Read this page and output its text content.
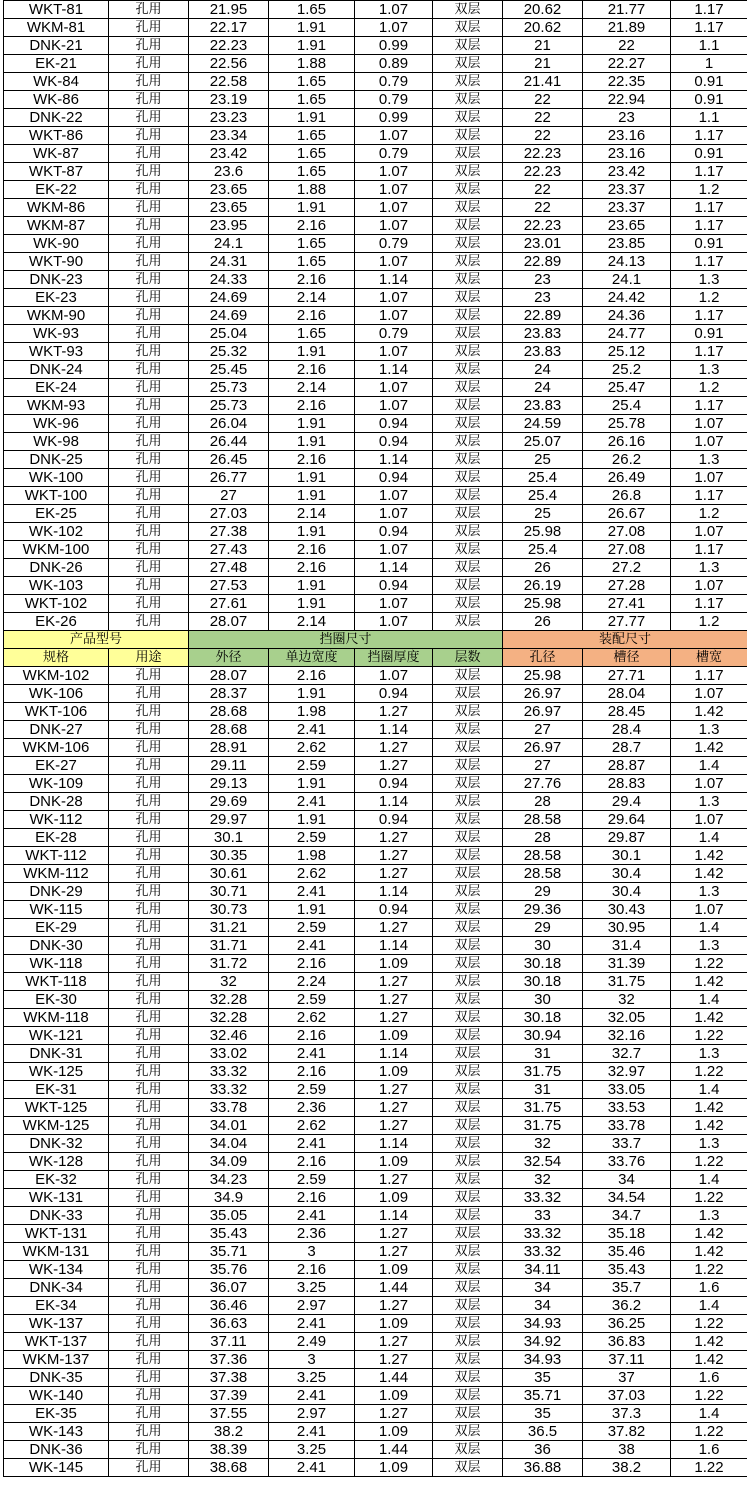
WKT-81	孔用	21.95	1.65	1.07	双层	20.62	21.77	1.17
WKM-81	孔用	22.17	1.91	1.07	双层	20.62	21.89	1.17
DNK-21	孔用	22.23	1.91	0.99	双层	21	22	1.1
EK-21	孔用	22.56	1.88	0.89	双层	21	22.27	1
WK-84	孔用	22.58	1.65	0.79	双层	21.41	22.35	0.91
WK-86	孔用	23.19	1.65	0.79	双层	22	22.94	0.91
DNK-22	孔用	23.23	1.91	0.99	双层	22	23	1.1
WKT-86	孔用	23.34	1.65	1.07	双层	22	23.16	1.17
WK-87	孔用	23.42	1.65	0.79	双层	22.23	23.16	0.91
WKT-87	孔用	23.6	1.65	1.07	双层	22.23	23.42	1.17
EK-22	孔用	23.65	1.88	1.07	双层	22	23.37	1.2
WKM-86	孔用	23.65	1.91	1.07	双层	22	23.37	1.17
WKM-87	孔用	23.95	2.16	1.07	双层	22.23	23.65	1.17
WK-90	孔用	24.1	1.65	0.79	双层	23.01	23.85	0.91
WKT-90	孔用	24.31	1.65	1.07	双层	22.89	24.13	1.17
DNK-23	孔用	24.33	2.16	1.14	双层	23	24.1	1.3
EK-23	孔用	24.69	2.14	1.07	双层	23	24.42	1.2
WKM-90	孔用	24.69	2.16	1.07	双层	22.89	24.36	1.17
WK-93	孔用	25.04	1.65	0.79	双层	23.83	24.77	0.91
WKT-93	孔用	25.32	1.91	1.07	双层	23.83	25.12	1.17
DNK-24	孔用	25.45	2.16	1.14	双层	24	25.2	1.3
EK-24	孔用	25.73	2.14	1.07	双层	24	25.47	1.2
WKM-93	孔用	25.73	2.16	1.07	双层	23.83	25.4	1.17
WK-96	孔用	26.04	1.91	0.94	双层	24.59	25.78	1.07
WK-98	孔用	26.44	1.91	0.94	双层	25.07	26.16	1.07
DNK-25	孔用	26.45	2.16	1.14	双层	25	26.2	1.3
WK-100	孔用	26.77	1.91	0.94	双层	25.4	26.49	1.07
WKT-100	孔用	27	1.91	1.07	双层	25.4	26.8	1.17
EK-25	孔用	27.03	2.14	1.07	双层	25	26.67	1.2
WK-102	孔用	27.38	1.91	0.94	双层	25.98	27.08	1.07
WKM-100	孔用	27.43	2.16	1.07	双层	25.4	27.08	1.17
DNK-26	孔用	27.48	2.16	1.14	双层	26	27.2	1.3
WK-103	孔用	27.53	1.91	0.94	双层	26.19	27.28	1.07
WKT-102	孔用	27.61	1.91	1.07	双层	25.98	27.41	1.17
EK-26	孔用	28.07	2.14	1.07	双层	26	27.77	1.2
产品型号		挡圈尺寸				装配尺寸		
规格	用途	外径	单边宽度	挡圈厚度	层数	孔径	槽径	槽宽
WKM-102	孔用	28.07	2.16	1.07	双层	25.98	27.71	1.17
WK-106	孔用	28.37	1.91	0.94	双层	26.97	28.04	1.07
WKT-106	孔用	28.68	1.98	1.27	双层	26.97	28.45	1.42
DNK-27	孔用	28.68	2.41	1.14	双层	27	28.4	1.3
WKM-106	孔用	28.91	2.62	1.27	双层	26.97	28.7	1.42
EK-27	孔用	29.11	2.59	1.27	双层	27	28.87	1.4
WK-109	孔用	29.13	1.91	0.94	双层	27.76	28.83	1.07
DNK-28	孔用	29.69	2.41	1.14	双层	28	29.4	1.3
WK-112	孔用	29.97	1.91	0.94	双层	28.58	29.64	1.07
EK-28	孔用	30.1	2.59	1.27	双层	28	29.87	1.4
WKT-112	孔用	30.35	1.98	1.27	双层	28.58	30.1	1.42
WKM-112	孔用	30.61	2.62	1.27	双层	28.58	30.4	1.42
DNK-29	孔用	30.71	2.41	1.14	双层	29	30.4	1.3
WK-115	孔用	30.73	1.91	0.94	双层	29.36	30.43	1.07
EK-29	孔用	31.21	2.59	1.27	双层	29	30.95	1.4
DNK-30	孔用	31.71	2.41	1.14	双层	30	31.4	1.3
WK-118	孔用	31.72	2.16	1.09	双层	30.18	31.39	1.22
WKT-118	孔用	32	2.24	1.27	双层	30.18	31.75	1.42
EK-30	孔用	32.28	2.59	1.27	双层	30	32	1.4
WKM-118	孔用	32.28	2.62	1.27	双层	30.18	32.05	1.42
WK-121	孔用	32.46	2.16	1.09	双层	30.94	32.16	1.22
DNK-31	孔用	33.02	2.41	1.14	双层	31	32.7	1.3
WK-125	孔用	33.32	2.16	1.09	双层	31.75	32.97	1.22
EK-31	孔用	33.32	2.59	1.27	双层	31	33.05	1.4
WKT-125	孔用	33.78	2.36	1.27	双层	31.75	33.53	1.42
WKM-125	孔用	34.01	2.62	1.27	双层	31.75	33.78	1.42
DNK-32	孔用	34.04	2.41	1.14	双层	32	33.7	1.3
WK-128	孔用	34.09	2.16	1.09	双层	32.54	33.76	1.22
EK-32	孔用	34.23	2.59	1.27	双层	32	34	1.4
WK-131	孔用	34.9	2.16	1.09	双层	33.32	34.54	1.22
DNK-33	孔用	35.05	2.41	1.14	双层	33	34.7	1.3
WKT-131	孔用	35.43	2.36	1.27	双层	33.32	35.18	1.42
WKM-131	孔用	35.71	3	1.27	双层	33.32	35.46	1.42
WK-134	孔用	35.76	2.16	1.09	双层	34.11	35.43	1.22
DNK-34	孔用	36.07	3.25	1.44	双层	34	35.7	1.6
EK-34	孔用	36.46	2.97	1.27	双层	34	36.2	1.4
WK-137	孔用	36.63	2.41	1.09	双层	34.93	36.25	1.22
WKT-137	孔用	37.11	2.49	1.27	双层	34.92	36.83	1.42
WKM-137	孔用	37.36	3	1.27	双层	34.93	37.11	1.42
DNK-35	孔用	37.38	3.25	1.44	双层	35	37	1.6
WK-140	孔用	37.39	2.41	1.09	双层	35.71	37.03	1.22
EK-35	孔用	37.55	2.97	1.27	双层	35	37.3	1.4
WK-143	孔用	38.2	2.41	1.09	双层	36.5	37.82	1.22
DNK-36	孔用	38.39	3.25	1.44	双层	36	38	1.6
WK-145	孔用	38.68	2.41	1.09	双层	36.88	38.2	1.22
